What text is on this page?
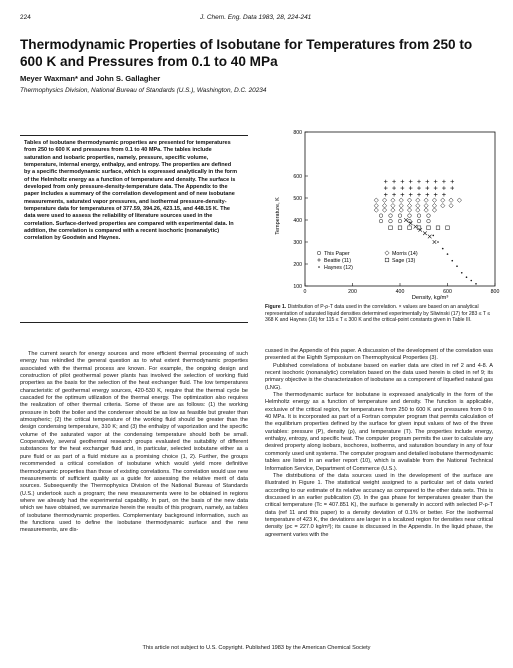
224	J. Chem. Eng. Data 1983, 28, 224-241
Thermodynamic Properties of Isobutane for Temperatures from 250 to 600 K and Pressures from 0.1 to 40 MPa
Meyer Waxman* and John S. Gallagher
Thermophysics Division, National Bureau of Standards (U.S.), Washington, D.C. 20234
Tables of isobutane thermodynamic properties are presented for temperatures from 250 to 600 K and pressures from 0.1 to 40 MPa. The tables include saturation and isobaric properties, namely, pressure, specific volume, temperature, internal energy, enthalpy, and entropy. The properties are defined by a specific thermodynamic surface, which is expressed analytically in the form of the Helmholtz energy as a function of temperature and density. The surface is developed from only pressure-density-temperature data. The Appendix to the paper includes a summary of the correlation development and of new isobutane measurements, saturated vapor pressures, and isothermal pressure-density-temperature data for temperatures of 377.59, 394.26, 423.15, and 448.15 K. The data were used to assess the reliability of literature sources used in the correlation. Surface-derived properties are compared with experimental data. In addition, the correlation is compared with a recent isochoric (nonanalytic) correlation by Goodwin and Haynes.

The current search for energy sources and more efficient thermal processing of such energy has rekindled the general question as to what extent thermodynamic properties associated with the thermal process are known. For example, the ongoing design and construction of pilot geothermal power plants has involved the selection of working fluid properties as the basis for the selection of the heat exchanger fluid. The low temperatures characteristic of geothermal energy sources, 420-530 K, require that the thermal cycle be cascaded for the optimum utilization of the thermal energy. The optimization also requires the realization of other thermal criteria. Some of these are as follows: (1) the working pressure in both the boiler and the condenser should be as low as feasible but greater than atmospheric; (2) the critical temperature of the working fluid should be greater than the design condensing temperature, 310 K; and (3) the enthalpy of vaporization and the specific volume of the saturated vapor at the condensing temperature should both be small. Cooperatively, several geothermal research groups evaluated the suitability of different substances for the heat exchanger fluid and, in particular, selected isobutane either as a pure fluid or as part of a fluid mixture as a promising choice (1, 2). Further, the groups recommended a critical correlation of isobutane which would yield more definitive thermodynamic properties than those of existing correlations. The correlation would use new measurements of sufficient quality as a guide for assessing the relative merit of data sources. Subsequently the Thermophysics Division of the National Bureau of Standards (U.S.) undertook such a program; the new measurements were to be obtained in regions where we already had the experimental capability. In part, on the basis of the new data which we have obtained, we summarize herein the results of this program, namely, as tables of isobutane thermodynamic properties. Complementary background information, such as the functions used to define the isobutane thermodynamic surface and the new measurements, are dis-

0	200	400	600	800
100
200
300
400
500
600
800
This Paper
Beattie (11)
Haynes (12)
Morris (14)
Sage (13)
Temperature, K
Density, kg/m³
Figure 1. Distribution of P-ρ-T data used in the correlation. × values are based on an analytical representation of saturated liquid densities determined experimentally by Sliwinski (17) for 283 ≤ T ≤ 368 K and Haynes (16) for 115 ≤ T ≤ 300 K and the critical-point constants given in Table III.

cussed in the Appendix of this paper. A discussion of the development of the correlation was presented at the Eighth Symposium on Thermophysical Properties (3).

Published correlations of isobutane based on earlier data are cited in ref 2 and 4-8. A recent isochoric (nonanalytic) correlation based on the data used herein is cited in ref 9; its primary objective is the characterization of isobutane as a component of liquefied natural gas (LNG).

The thermodynamic surface for isobutane is expressed analytically in the form of the Helmholtz energy as a function of temperature and density. The function is applicable, exclusive of the critical region, for temperatures from 250 to 600 K and pressures from 0 to 40 MPa. It is incorporated as part of a Fortran computer program that permits calculation of the equilibrium properties defined by the surface for given input values of two of the three variables: pressure (P), density (ρ), and temperature (T). The properties include energy, enthalpy, entropy, and specific heat. The computer program permits the user to calculate any desired property along isobars, isochores, isotherms, and saturation boundary in any of four commonly used unit systems. The computer program and detailed isobutane thermodynamic tables are listed in an earlier report (10), which is available from the National Technical Information Service, Department of Commerce (U.S.).

The distributions of the data sources used in the development of the surface are illustrated in Figure 1. The statistical weight assigned to a particular set of data varied according to our estimate of its relative accuracy as compared to the other data sets. This is discussed in an earlier publication (3). In the gas phase for temperatures greater than the critical temperature (Tc = 407.851 K), the surface is generally in accord with selected P-ρ-T data (ref 11 and this paper) to a density deviation of 0.1% or better. For the isothermal temperature of 423 K, the deviations are larger in a localized region for densities near critical density (ρc = 227.0 kg/m³); its cause is discussed in the Appendix. In the liquid phase, the agreement varies with the

This article not subject to U.S. Copyright. Published 1983 by the American Chemical Society
